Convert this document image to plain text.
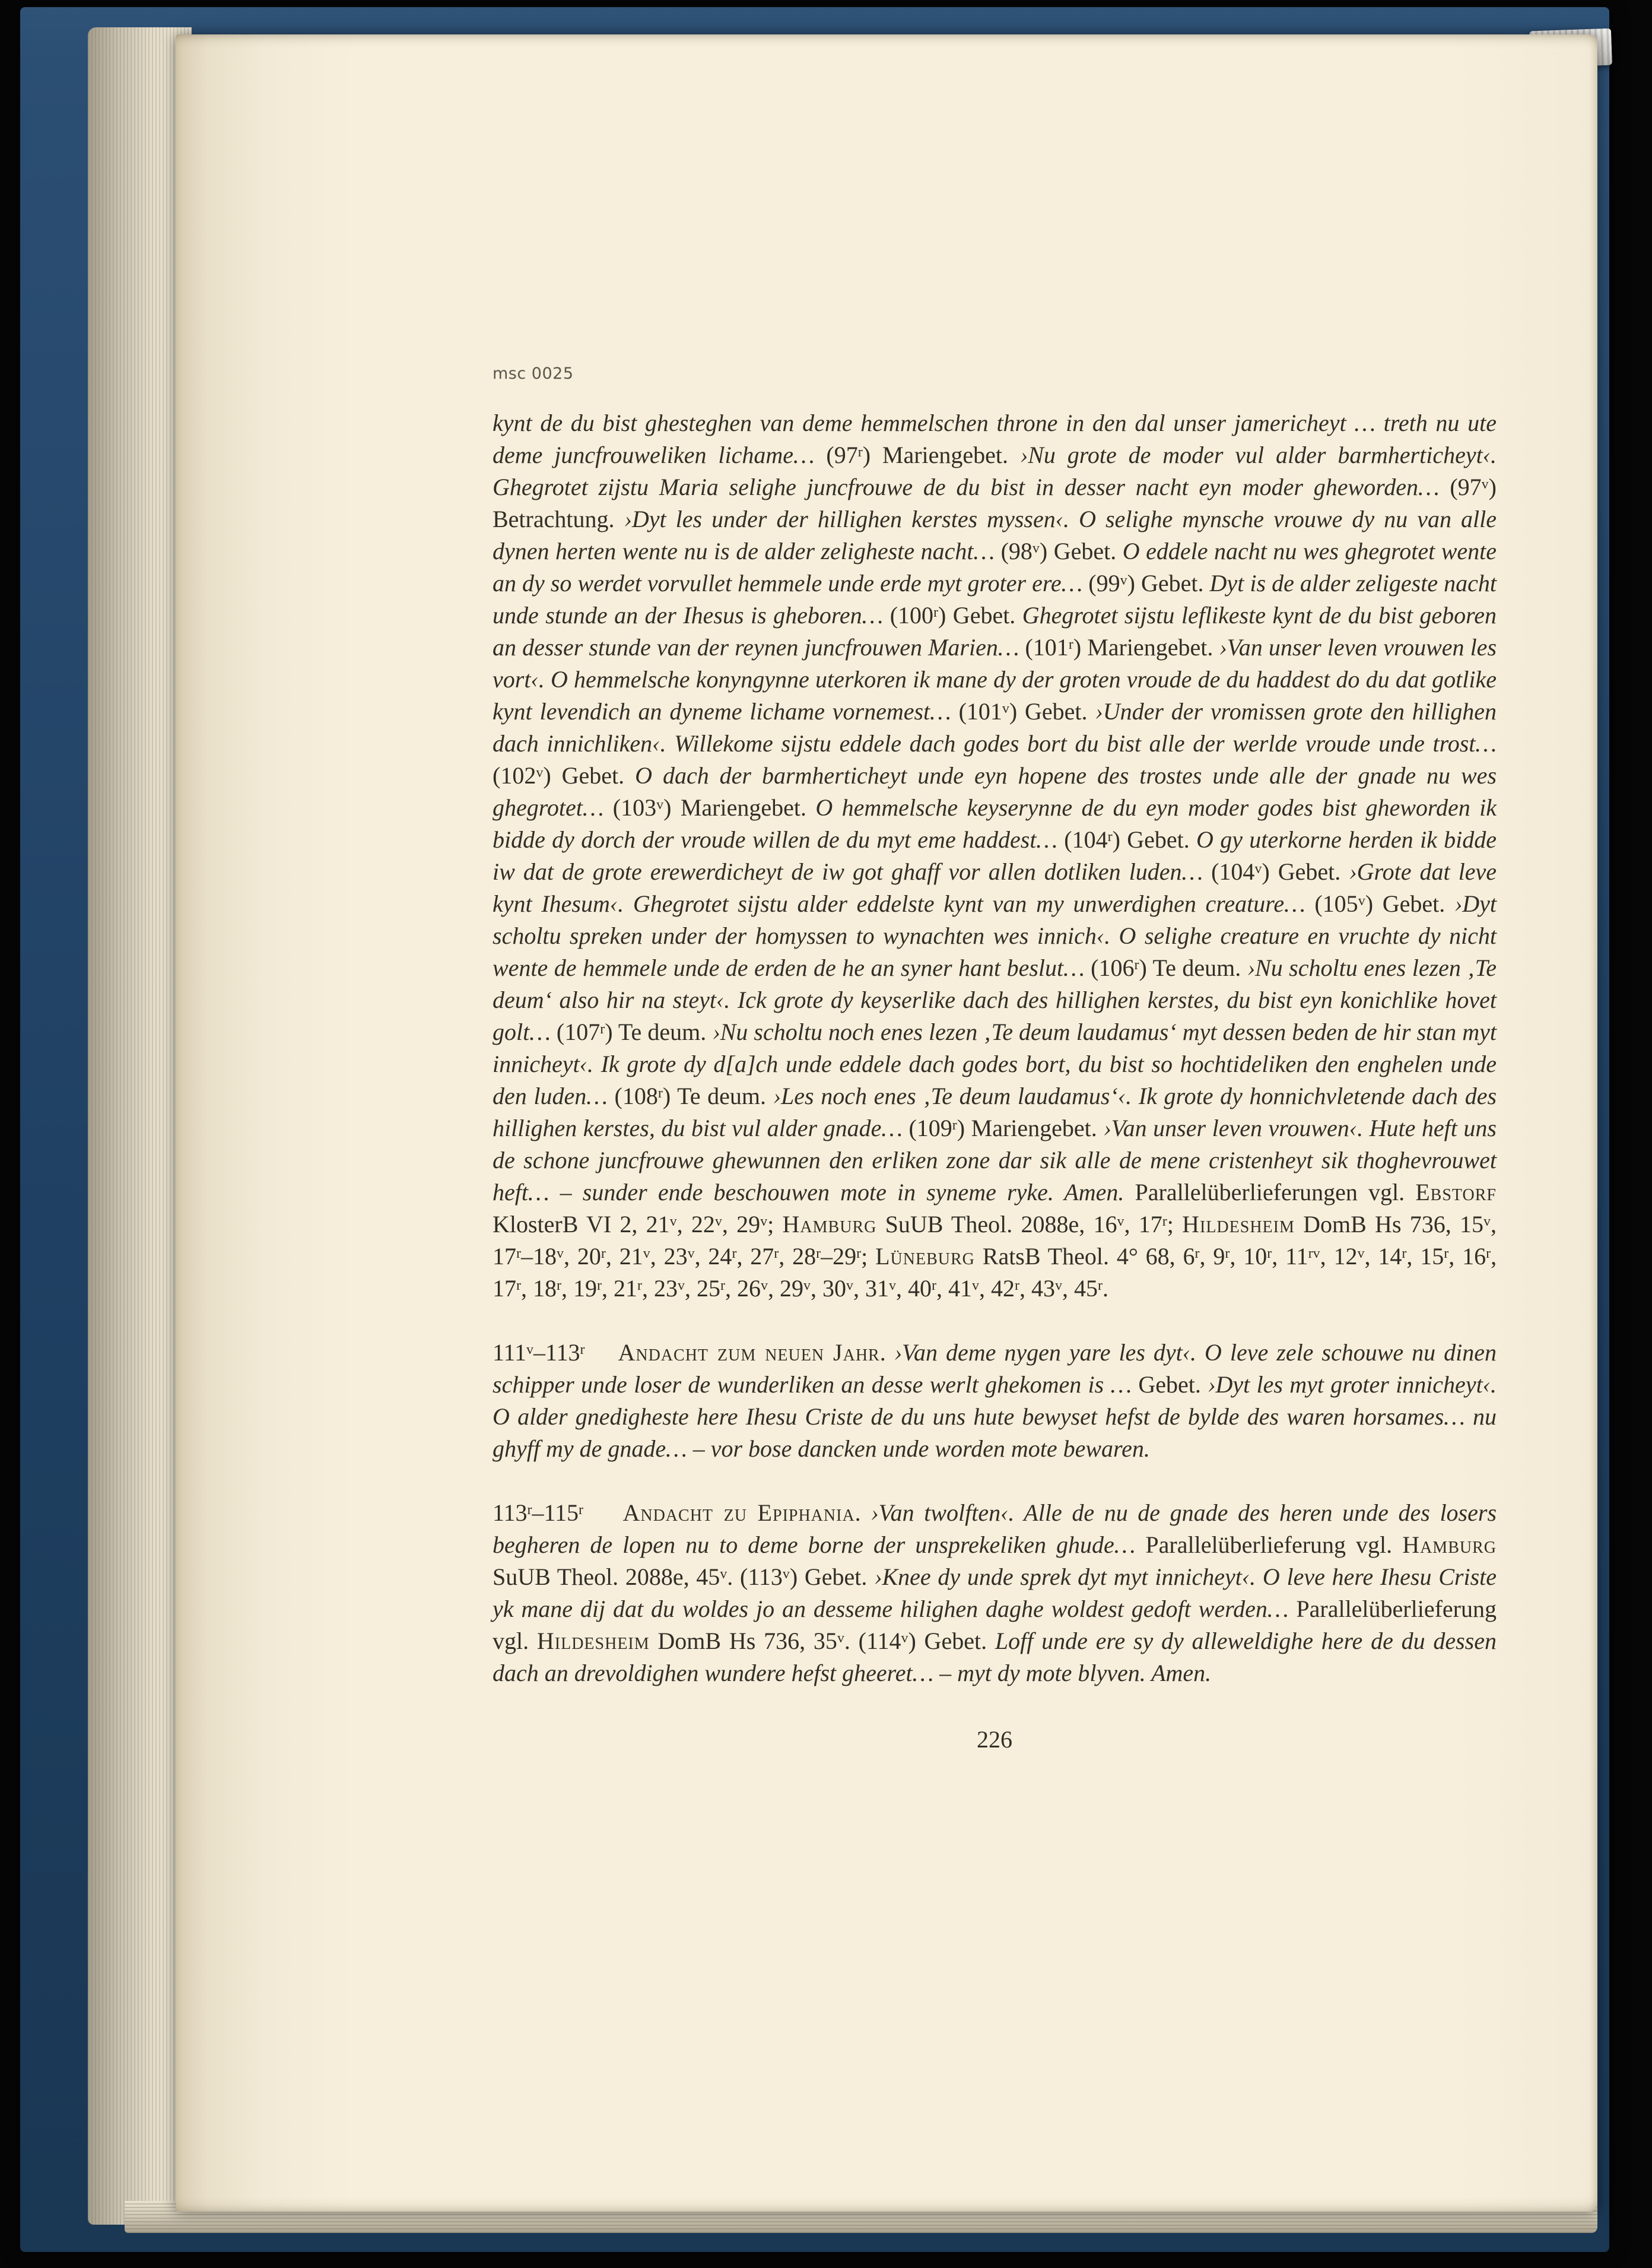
msc 0025

kynt de du bist ghesteghen van deme hemmelschen throne in den dal unser jamericheyt … treth nu ute deme juncfrouweliken lichame… (97$^r$) Mariengebet. ›Nu grote de moder vul alder barmherticheyt‹. Ghegrotet zijstu Maria selighe juncfrouwe de du bist in desser nacht eyn moder gheworden… (97$^v$) Betrachtung. ›Dyt les under der hillighen kerstes myssen‹. O selighe mynsche vrouwe dy nu van alle dynen herten wente nu is de alder zeligheste nacht… (98$^v$) Gebet. O eddele nacht nu wes ghegrotet wente an dy so werdet vorvullet hemmele unde erde myt groter ere… (99$^v$) Gebet. Dyt is de alder zeligeste nacht unde stunde an der Ihesus is gheboren… (100$^r$) Gebet. Ghegrotet sijstu leflikeste kynt de du bist geboren an desser stunde van der reynen juncfrouwen Marien… (101$^r$) Mariengebet. ›Van unser leven vrouwen les vort‹. O hemmelsche konyngynne uterkoren ik mane dy der groten vroude de du haddest do du dat gotlike kynt levendich an dyneme lichame vornemest… (101$^v$) Gebet. ›Under der vromissen grote den hillighen dach innichliken‹. Willekome sijstu eddele dach godes bort du bist alle der werlde vroude unde trost… (102$^v$) Gebet. O dach der barmherticheyt unde eyn hopene des trostes unde alle der gnade nu wes ghegrotet… (103$^v$) Mariengebet. O hemmelsche keyserynne de du eyn moder godes bist gheworden ik bidde dy dorch der vroude willen de du myt eme haddest… (104$^r$) Gebet. O gy uterkorne herden ik bidde iw dat de grote erewerdicheyt de iw got ghaff vor allen dotliken luden… (104$^v$) Gebet. ›Grote dat leve kynt Ihesum‹. Ghegrotet sijstu alder eddelste kynt van my unwerdighen creature… (105$^v$) Gebet. ›Dyt scholtu spreken under der homyssen to wynachten wes innich‹. O selighe creature en vruchte dy nicht wente de hemmele unde de erden de he an syner hant beslut… (106$^r$) Te deum. ›Nu scholtu enes lezen ‚Te deum‘ also hir na steyt‹. Ick grote dy keyserlike dach des hillighen kerstes, du bist eyn konichlike hovet golt… (107$^r$) Te deum. ›Nu scholtu noch enes lezen ‚Te deum laudamus‘ myt dessen beden de hir stan myt innicheyt‹. Ik grote dy d[a]ch unde eddele dach godes bort, du bist so hochtideliken den enghelen unde den luden… (108$^r$) Te deum. ›Les noch enes ‚Te deum laudamus‘‹. Ik grote dy honnichvletende dach des hillighen kerstes, du bist vul alder gnade… (109$^r$) Mariengebet. ›Van unser leven vrouwen‹. Hute heft uns de schone juncfrouwe ghewunnen den erliken zone dar sik alle de mene cristenheyt sik thoghevrouwet heft… – sunder ende beschouwen mote in syneme ryke. Amen. Parallelüberlieferungen vgl. Ebstorf KlosterB VI 2, 21$^v$, 22$^v$, 29$^v$; Hamburg SuUB Theol. 2088e, 16$^v$, 17$^r$; Hildesheim DomB Hs 736, 15$^v$, 17$^r$–18$^v$, 20$^r$, 21$^v$, 23$^v$, 24$^r$, 27$^r$, 28$^r$–29$^r$; Lüneburg RatsB Theol. 4° 68, 6$^r$, 9$^r$, 10$^r$, $11^{rv}$, 12$^v$, 14$^r$, 15$^r$, 16$^r$, 17$^r$, 18$^r$, 19$^r$, 21$^r$, 23$^v$, 25$^r$, 26$^v$, 29$^v$, 30$^v$, 31$^v$, 40$^r$, 41$^v$, 42$^r$, 43$^v$, 45$^r$.

111$^v$–113$^r$ Andacht zum neuen Jahr. ›Van deme nygen yare les dyt‹. O leve zele schouwe nu dinen schipper unde loser de wunderliken an desse werlt ghekomen is … Gebet. ›Dyt les myt groter innicheyt‹. O alder gnedigheste here Ihesu Criste de du uns hute bewyset hefst de bylde des waren horsames… nu ghyff my de gnade… – vor bose dancken unde worden mote bewaren.

113$^r$–115$^r$ Andacht zu Epiphania. ›Van twolften‹. Alle de nu de gnade des heren unde des losers begheren de lopen nu to deme borne der unsprekeliken ghude… Parallelüberlieferung vgl. Hamburg SuUB Theol. 2088e, 45$^v$. (113$^v$) Gebet. ›Knee dy unde sprek dyt myt innicheyt‹. O leve here Ihesu Criste yk mane dij dat du woldes jo an desseme hilighen daghe woldest gedoft werden… Parallelüberlieferung vgl. Hildesheim DomB Hs 736, 35$^v$. (114$^v$) Gebet. Loff unde ere sy dy alleweldighe here de du dessen dach an drevoldighen wundere hefst gheeret… – myt dy mote blyven. Amen.

226
